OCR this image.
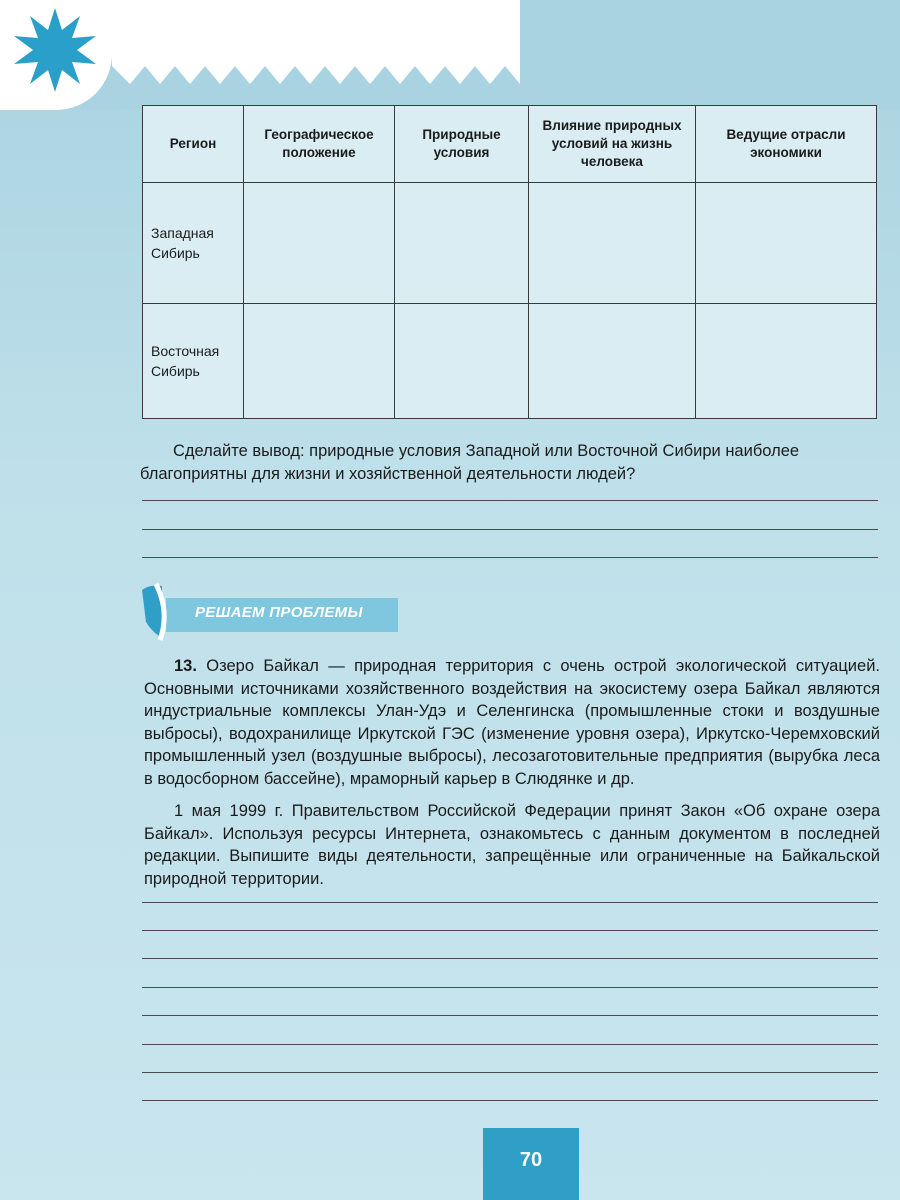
Регион	Географическое положение	Природные условия	Влияние природных условий на жизнь человека	Ведущие отрасли экономики
Западная Сибирь				
Восточная Сибирь				

Сделайте вывод: природные условия Западной или Восточной Сибири наиболее благоприятны для жизни и хозяйственной деятельности людей?

РЕШАЕМ ПРОБЛЕМЫ

13. Озеро Байкал — природная территория с очень острой экологической ситуацией. Основными источниками хозяйственного воздействия на экосистему озера Байкал являются индустриальные комплексы Улан-Удэ и Селенгинска (промышленные стоки и воздушные выбросы), водохранилище Иркутской ГЭС (изменение уровня озера), Иркутско-Черемховский промышленный узел (воздушные выбросы), лесозаготовительные предприятия (вырубка леса в водосборном бассейне), мраморный карьер в Слюдянке и др.

1 мая 1999 г. Правительством Российской Федерации принят Закон «Об охране озера Байкал». Используя ресурсы Интернета, ознакомьтесь с данным документом в последней редакции. Выпишите виды деятельности, запрещённые или ограниченные на Байкальской природной территории.

70
